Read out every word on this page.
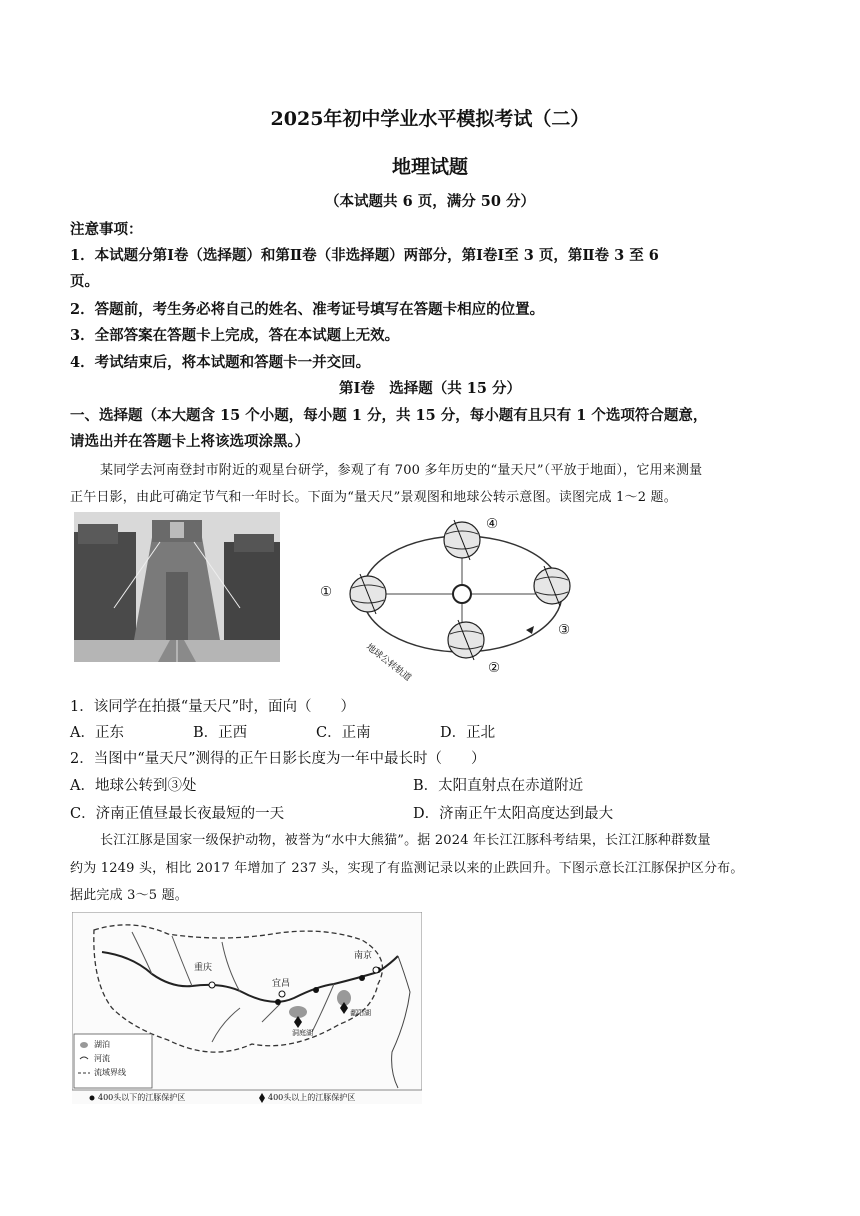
2025年初中学业水平模拟考试（二）
地理试题
（本试题共 6 页，满分 50 分）
注意事项：
1．本试题分第Ⅰ卷（选择题）和第Ⅱ卷（非选择题）两部分，第Ⅰ卷Ⅰ至 3 页，第Ⅱ卷 3 至 6
页。
2．答题前，考生务必将自己的姓名、准考证号填写在答题卡相应的位置。
3．全部答案在答题卡上完成，答在本试题上无效。
4．考试结束后，将本试题和答题卡一并交回。
第Ⅰ卷　选择题（共 15 分）
一、选择题（本大题含 15 个小题，每小题 1 分，共 15 分，每小题有且只有 1 个选项符合题意，
请选出并在答题卡上将该选项涂黑。）
某同学去河南登封市附近的观星台研学，参观了有 700 多年历史的“量天尺”（平放于地面），它用来测量
正午日影，由此可确定节气和一年时长。下面为“量天尺”景观图和地球公转示意图。读图完成 1～2 题。
①
②
③
④
地球公转轨道
1．该同学在拍摄“量天尺”时，面向（　　）
A．正东	B．正西	C．正南	D．正北
2．当图中“量天尺”测得的正午日影长度为一年中最长时（　　）
A．地球公转到③处	B．太阳直射点在赤道附近
C．济南正值昼最长夜最短的一天	D．济南正午太阳高度达到最大
长江江豚是国家一级保护动物，被誉为“水中大熊猫”。据 2024 年长江江豚科考结果，长江江豚种群数量
约为 1249 头，相比 2017 年增加了 237 头，实现了有监测记录以来的止跌回升。下图示意长江江豚保护区分布。
据此完成 3～5 题。
重庆
宜昌
南京
洞庭湖
鄱阳湖
湖泊
河流
流域界线
400头以下的江豚保护区	400头以上的江豚保护区
